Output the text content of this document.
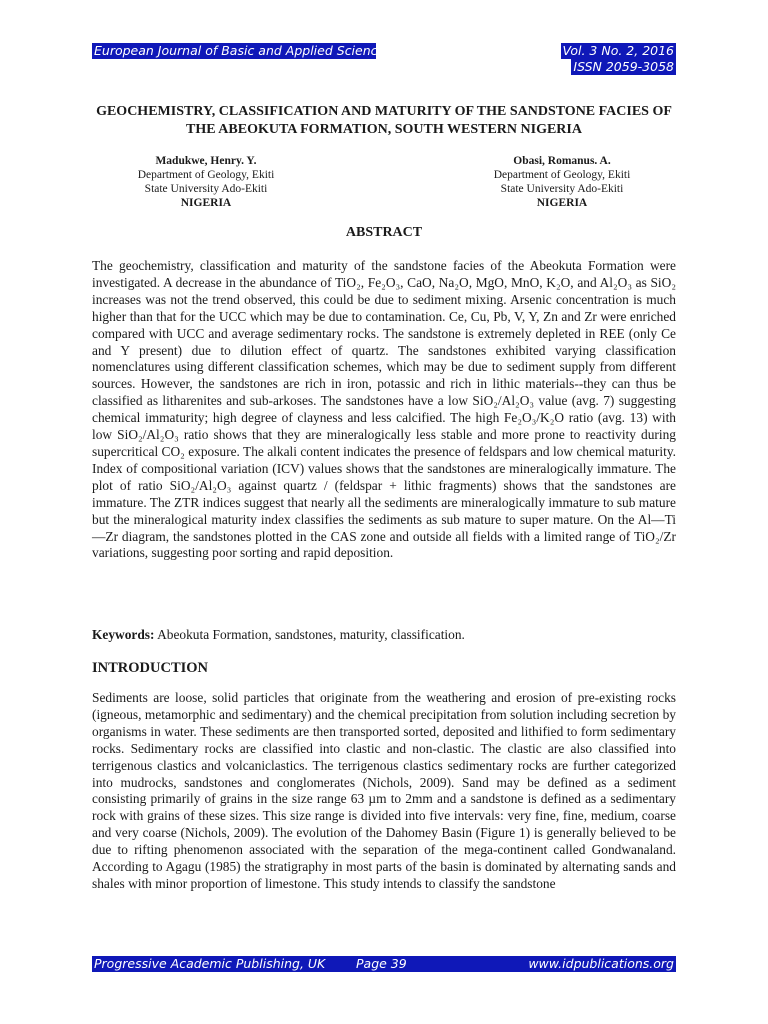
European Journal of Basic and Applied Sciences	Vol. 3 No. 2, 2016
ISSN 2059-3058
GEOCHEMISTRY, CLASSIFICATION AND MATURITY OF THE SANDSTONE FACIES OF THE ABEOKUTA FORMATION, SOUTH WESTERN NIGERIA
Madukwe, Henry. Y.
Department of Geology, Ekiti
State University Ado-Ekiti
NIGERIA
Obasi, Romanus. A.
Department of Geology, Ekiti
State University Ado-Ekiti
NIGERIA
ABSTRACT
The geochemistry, classification and maturity of the sandstone facies of the Abeokuta Formation were investigated. A decrease in the abundance of TiO₂, Fe₂O₃, CaO, Na₂O, MgO, MnO, K₂O, and Al₂O₃ as SiO₂ increases was not the trend observed, this could be due to sediment mixing. Arsenic concentration is much higher than that for the UCC which may be due to contamination. Ce, Cu, Pb, V, Y, Zn and Zr were enriched compared with UCC and average sedimentary rocks. The sandstone is extremely depleted in REE (only Ce and Y present) due to dilution effect of quartz. The sandstones exhibited varying classification nomenclatures using different classification schemes, which may be due to sediment supply from different sources. However, the sandstones are rich in iron, potassic and rich in lithic materials--they can thus be classified as litharenites and sub-arkoses. The sandstones have a low SiO₂/Al₂O₃ value (avg. 7) suggesting chemical immaturity; high degree of clayness and less calcified. The high Fe₂O₃/K₂O ratio (avg. 13) with low SiO₂/Al₂O₃ ratio shows that they are mineralogically less stable and more prone to reactivity during supercritical CO₂ exposure. The alkali content indicates the presence of feldspars and low chemical maturity. Index of compositional variation (ICV) values shows that the sandstones are mineralogically immature. The plot of ratio SiO₂/Al₂O₃ against quartz / (feldspar + lithic fragments) shows that the sandstones are immature. The ZTR indices suggest that nearly all the sediments are mineralogically immature to sub mature but the mineralogical maturity index classifies the sediments as sub mature to super mature. On the Al—Ti—Zr diagram, the sandstones plotted in the CAS zone and outside all fields with a limited range of TiO₂/Zr variations, suggesting poor sorting and rapid deposition.
Keywords: Abeokuta Formation, sandstones, maturity, classification.
INTRODUCTION
Sediments are loose, solid particles that originate from the weathering and erosion of pre-existing rocks (igneous, metamorphic and sedimentary) and the chemical precipitation from solution including secretion by organisms in water. These sediments are then transported sorted, deposited and lithified to form sedimentary rocks. Sedimentary rocks are classified into clastic and non-clastic. The clastic are also classified into terrigenous clastics and volcaniclastics. The terrigenous clastics sedimentary rocks are further categorized into mudrocks, sandstones and conglomerates (Nichols, 2009). Sand may be defined as a sediment consisting primarily of grains in the size range 63 µm to 2mm and a sandstone is defined as a sedimentary rock with grains of these sizes. This size range is divided into five intervals: very fine, fine, medium, coarse and very coarse (Nichols, 2009). The evolution of the Dahomey Basin (Figure 1) is generally believed to be due to rifting phenomenon associated with the separation of the mega-continent called Gondwanaland. According to Agagu (1985) the stratigraphy in most parts of the basin is dominated by alternating sands and shales with minor proportion of limestone. This study intends to classify the sandstone
Progressive Academic Publishing, UK	Page 39	www.idpublications.org
